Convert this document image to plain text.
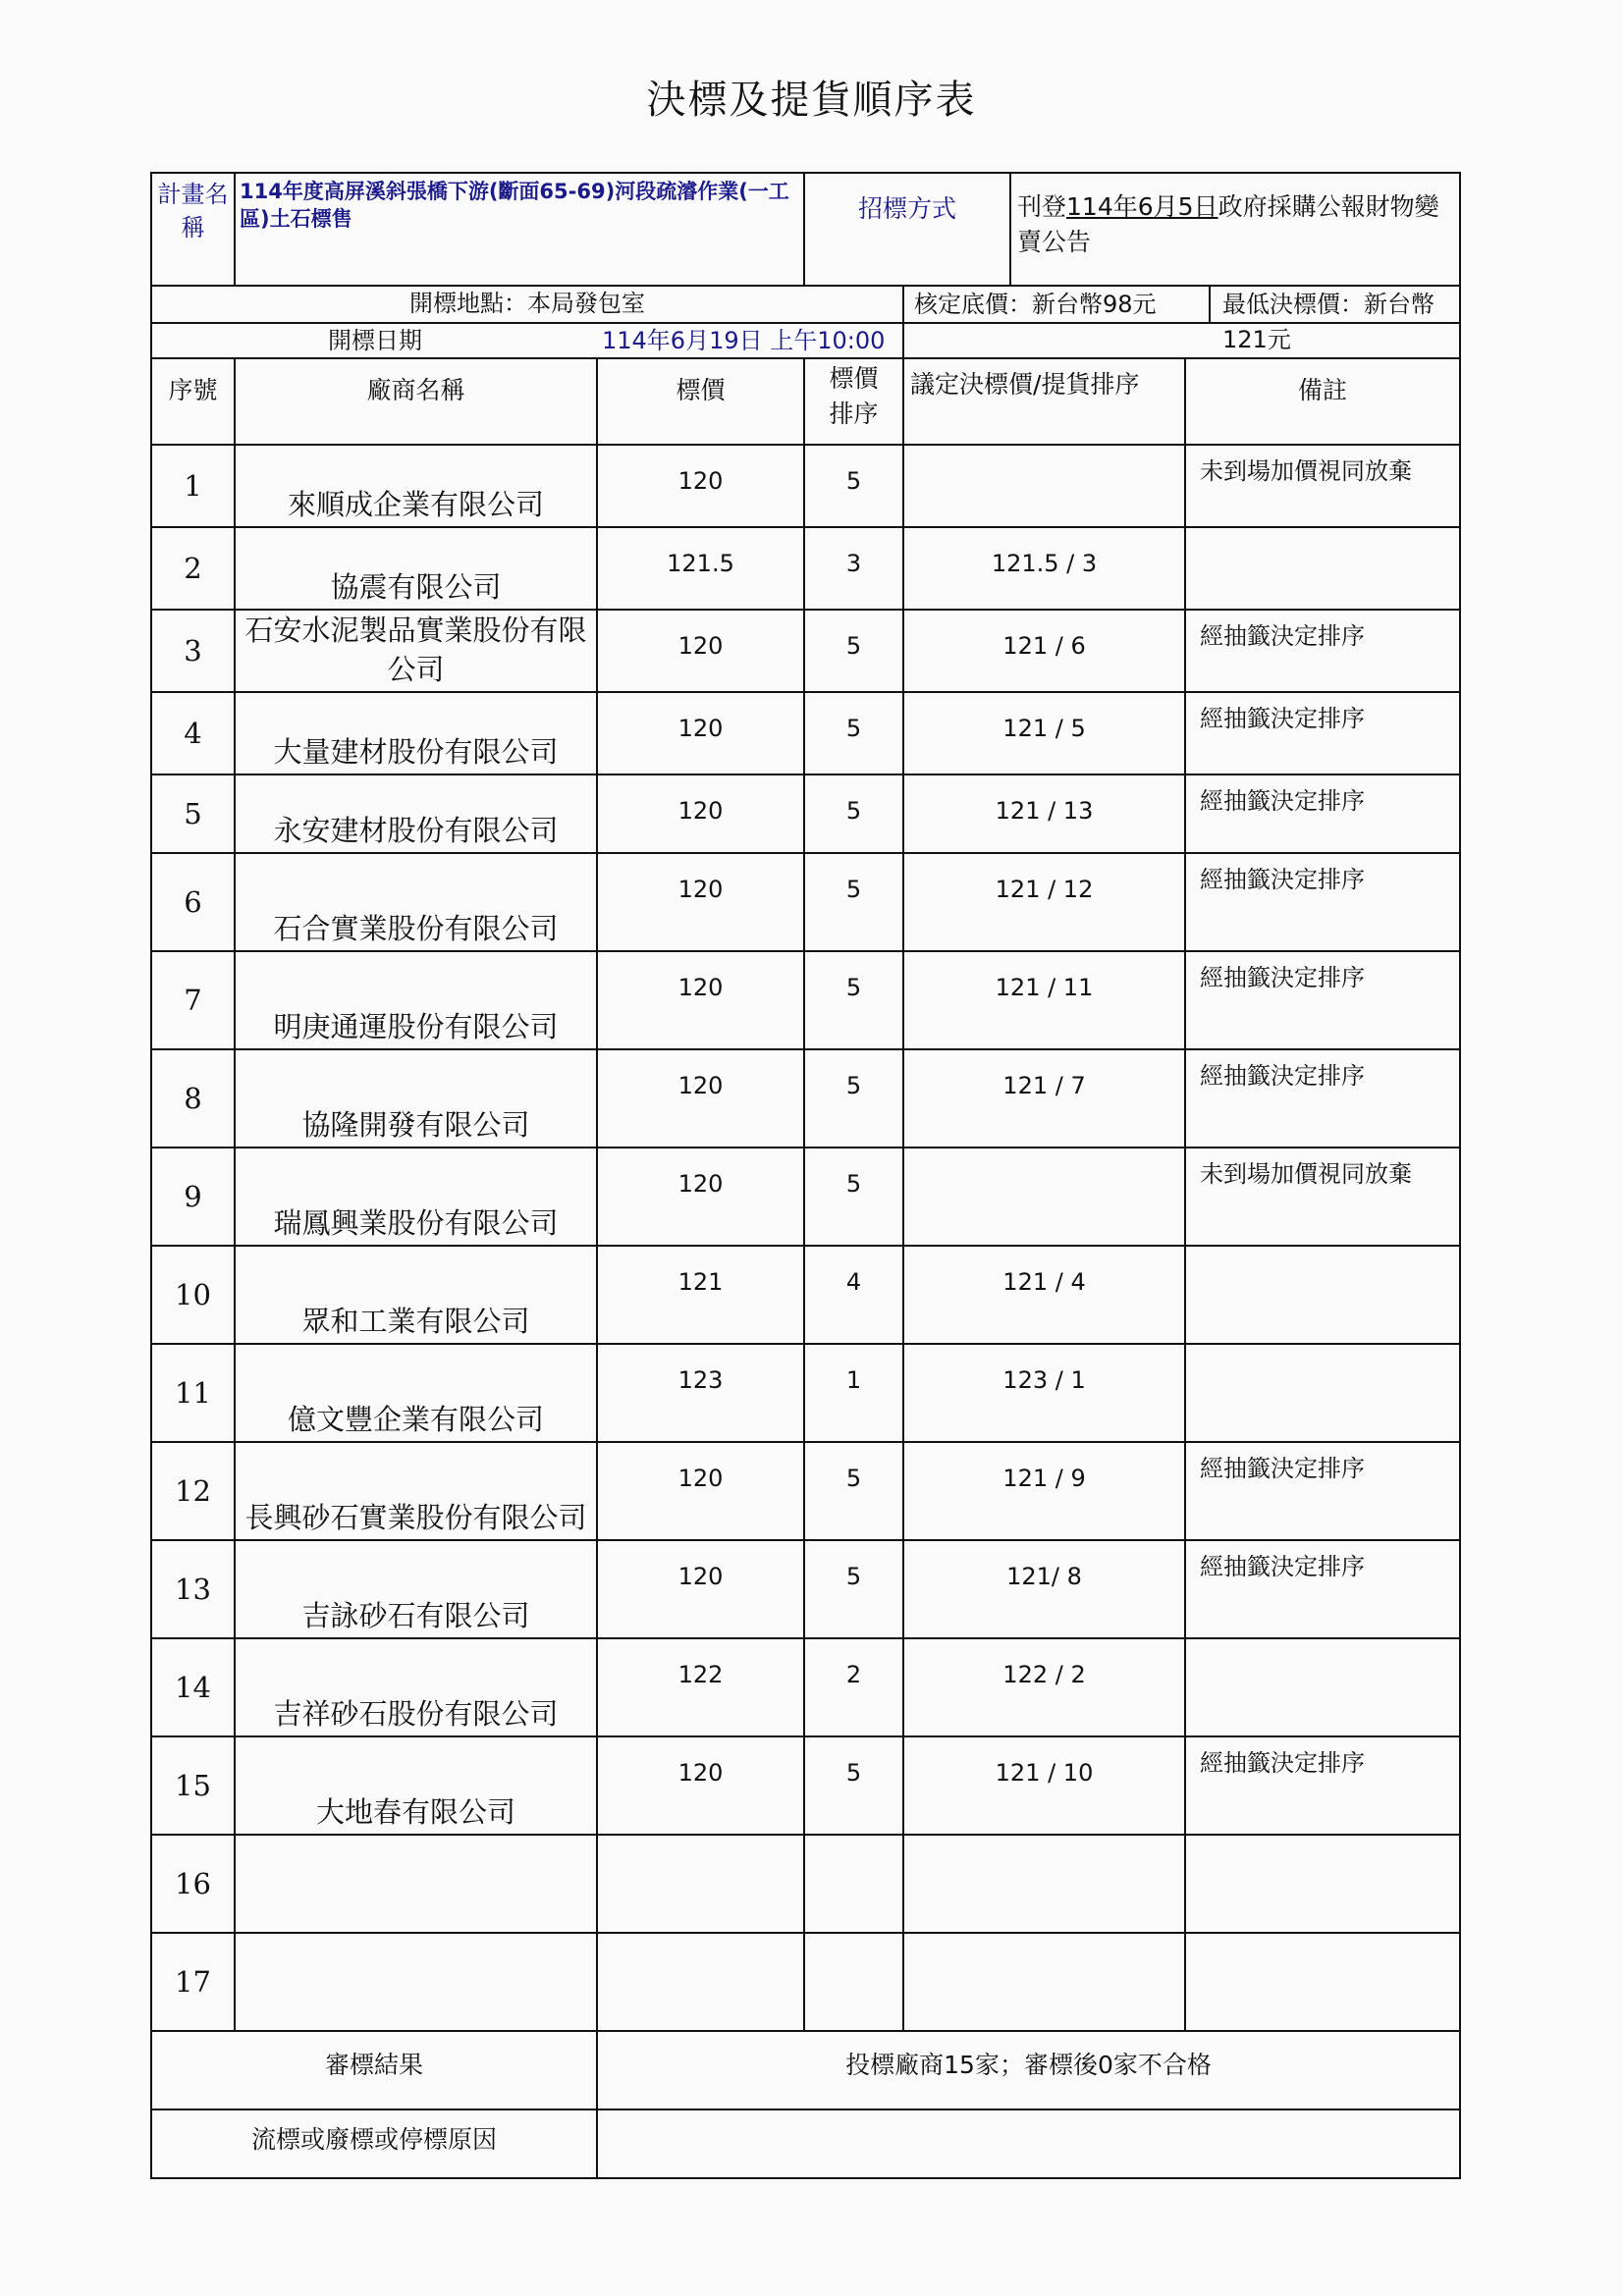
決標及提貨順序表
計畫名稱	114年度高屏溪斜張橋下游(斷面65-69)河段疏濬作業(一工區)土石標售		招標方式 刊登114年6月5日政府採購公報財物變賣公告		

開標地點：本局發包室				核定底價：新台幣98元 最低決標價：新台幣121元	

開標日期 114年6月19日 上午10:00					

序號	廠商名稱	標價	標價排序	議定決標價/提貨排序	備註
1	來順成企業有限公司	120	5		未到場加價視同放棄
2	協震有限公司	121.5	3	121.5 / 3	
3	石安水泥製品實業股份有限公司	120	5	121 / 6	經抽籤決定排序
4	大量建材股份有限公司	120	5	121 / 5	經抽籤決定排序
5	永安建材股份有限公司	120	5	121 / 13	經抽籤決定排序
6	石合實業股份有限公司	120	5	121 / 12	經抽籤決定排序
7	明庚通運股份有限公司	120	5	121 / 11	經抽籤決定排序
8	協隆開發有限公司	120	5	121 / 7	經抽籤決定排序
9	瑞鳳興業股份有限公司	120	5		未到場加價視同放棄
10	眾和工業有限公司	121	4	121 / 4	
11	億文豐企業有限公司	123	1	123 / 1	
12	長興砂石實業股份有限公司	120	5	121 / 9	經抽籤決定排序
13	吉詠砂石有限公司	120	5	121/ 8	經抽籤決定排序
14	吉祥砂石股份有限公司	122	2	122 / 2	
15	大地春有限公司	120	5	121 / 10	經抽籤決定排序
16					
17					
審標結果		投標廠商15家；審標後0家不合格			
流標或廢標或停標原因					
